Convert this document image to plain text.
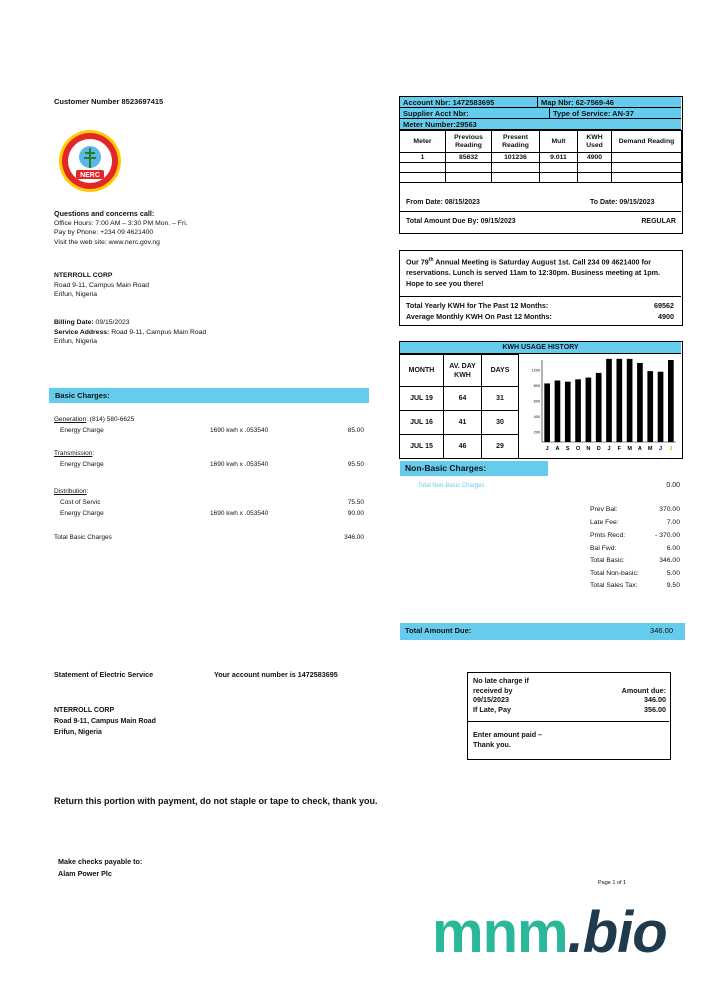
Customer Number 8523697415
NERC
Questions and concerns call:
Office Hours: 7:00 AM – 3:30 PM Mon. – Fri.
Pay by Phone: +234 09 4621400
Visit the web site: www.nerc.gov.ng
NTERROLL CORP
Road 9-11, Campus Main Road
Erifun, Nigeria
Billing Date: 09/15/2023
Service Address: Road 9-11, Campus Main Road
Erifun, Nigeria
Basic Charges:
Generation: (814) 580-6625
Energy Charge	1690 kwh x .053540	85.00
Transmission:
Energy Charge	1690 kwh x .053540	95.50
Distribution:
Cost of Servic	75.50
Energy Charge	1690 kwh x .053540	90.00
Total Basic Charges	346.00
Account Nbr: 1472583695	Map Nbr: 62-7569-46
Supplier Acct Nbr:	Type of Service: AN-37
Meter Number:29563
Meter	Previous Reading	Present Reading	Mult	KWH Used	Demand Reading
1	85632	101236	9.011	4900	

From Date: 08/15/2023	To Date: 09/15/2023
Total Amount Due By: 09/15/2023	REGULAR
Our 79th Annual Meeting is Saturday August 1st. Call 234 09 4621400 for reservations. Lunch is served 11am to 12:30pm. Business meeting at 1pm. Hope to see you there!
Total Yearly KWH for The Past 12 Months:	69562
Average Monthly KWH On Past 12 Months:	4900
KWH USAGE HISTORY
MONTH	AV. DAY KWH	DAYS
JUL 19	64	31
JUL 16	41	30
JUL 15	46	29
1200
800
600
400
200
J A S O N D J F M A M J J
Non-Basic Charges:
Total Non-Basic Charges	0.00
Prev Bal:	370.00
Late Fee:	7.00
Pmts Recd:	- 370.00
Bal Fwd:	6.00
Total Basic:	346.00
Total Non-basic:	5.00
Total Sales Tax:	9.50
Total Amount Due:	346.00
Statement of Electric Service	Your account number is 1472583695
NTERROLL CORP
Road 9-11, Campus Main Road
Erifun, Nigeria
No late charge if
received by	Amount due:
09/15/2023	346.00
If Late, Pay	356.00
Enter amount paid –
Thank you.
Return this portion with payment, do not staple or tape to check, thank you.
Make checks payable to:
Alam Power Plc
Page 1 of 1
mnm.bio
